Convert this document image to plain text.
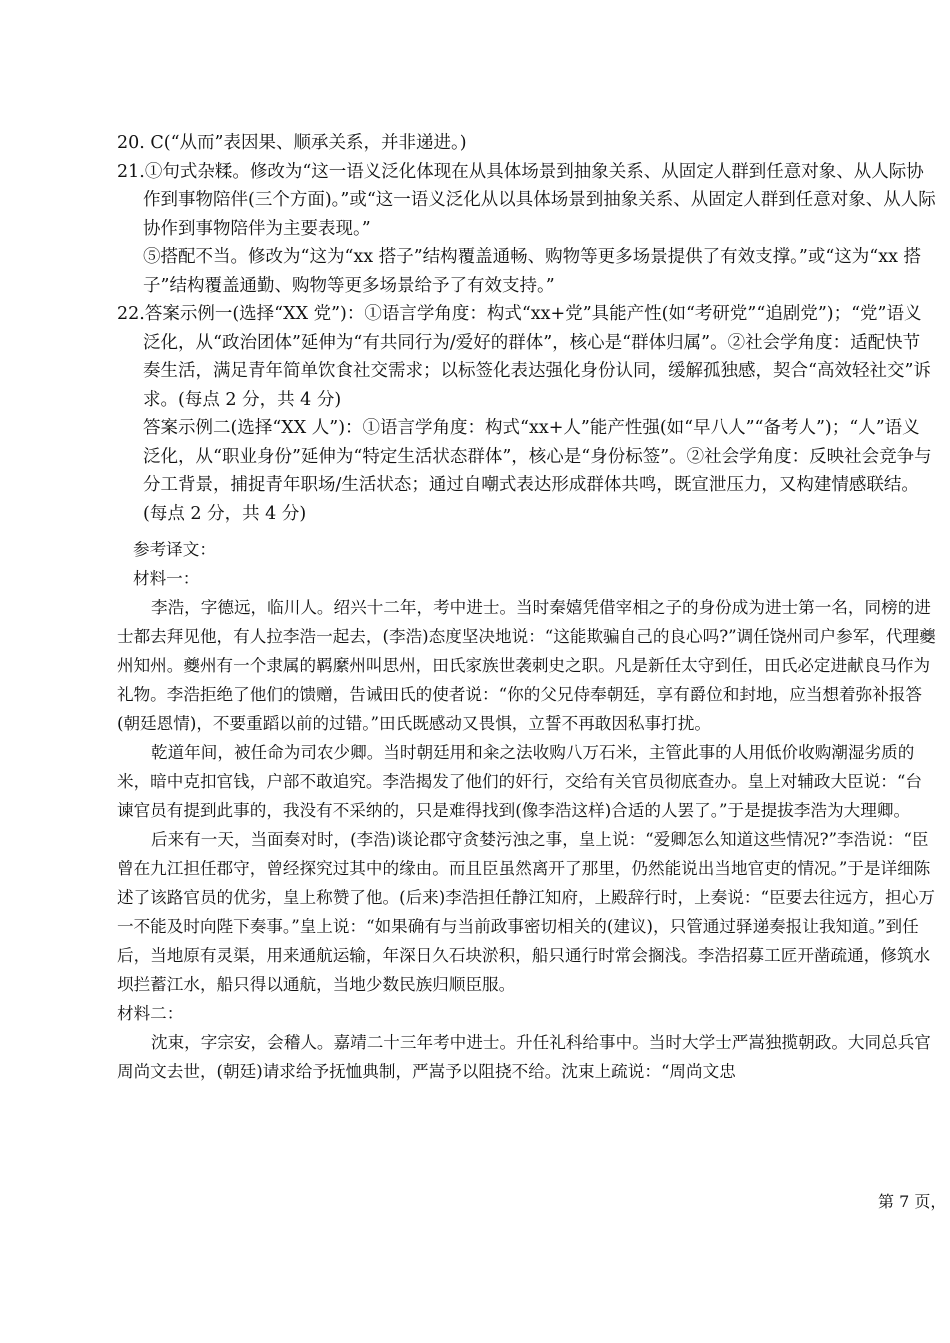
20. C(“从而”表因果、顺承关系，并非递进。)

21.①句式杂糅。修改为“这一语义泛化体现在从具体场景到抽象关系、从固定人群到任意对象、从人际协作到事物陪伴(三个方面)。”或“这一语义泛化从以具体场景到抽象关系、从固定人群到任意对象、从人际协作到事物陪伴为主要表现。”

⑤搭配不当。修改为“这为“xx 搭子”结构覆盖通畅、购物等更多场景提供了有效支撑。”或“这为“xx 搭子”结构覆盖通勤、购物等更多场景给予了有效支持。”

22.答案示例一(选择“XX 党”)：①语言学角度：构式“xx+党”具能产性(如“考研党”“追剧党”)；“党”语义泛化，从“政治团体”延伸为“有共同行为/爱好的群体”，核心是“群体归属”。②社会学角度：适配快节奏生活，满足青年简单饮食社交需求；以标签化表达强化身份认同，缓解孤独感，契合“高效轻社交”诉求。(每点 2 分，共 4 分)

答案示例二(选择“XX 人”)：①语言学角度：构式“xx+人”能产性强(如“早八人”“备考人”)；“人”语义泛化，从“职业身份”延伸为“特定生活状态群体”，核心是“身份标签”。②社会学角度：反映社会竞争与分工背景，捕捉青年职场/生活状态；通过自嘲式表达形成群体共鸣，既宣泄压力，又构建情感联结。(每点 2 分，共 4 分)

参考译文：

材料一：

李浩，字德远，临川人。绍兴十二年，考中进士。当时秦嬉凭借宰相之子的身份成为进士第一名，同榜的进士都去拜见他，有人拉李浩一起去，(李浩)态度坚决地说：“这能欺骗自己的良心吗?”调任饶州司户参军，代理夔州知州。夔州有一个隶属的羁縻州叫思州，田氏家族世袭刺史之职。凡是新任太守到任，田氏必定进献良马作为礼物。李浩拒绝了他们的馈赠，告诫田氏的使者说：“你的父兄侍奉朝廷，享有爵位和封地，应当想着弥补报答(朝廷恩情)，不要重蹈以前的过错。”田氏既感动又畏惧，立誓不再敢因私事打扰。

乾道年间，被任命为司农少卿。当时朝廷用和籴之法收购八万石米，主管此事的人用低价收购潮湿劣质的米，暗中克扣官钱，户部不敢追究。李浩揭发了他们的奸行，交给有关官员彻底查办。皇上对辅政大臣说：“台谏官员有提到此事的，我没有不采纳的，只是难得找到(像李浩这样)合适的人罢了。”于是提拔李浩为大理卿。

后来有一天，当面奏对时，(李浩)谈论郡守贪婪污浊之事，皇上说：“爱卿怎么知道这些情况?”李浩说：“臣曾在九江担任郡守，曾经探究过其中的缘由。而且臣虽然离开了那里，仍然能说出当地官吏的情况。”于是详细陈述了该路官员的优劣，皇上称赞了他。(后来)李浩担任静江知府，上殿辞行时，上奏说：“臣要去往远方，担心万一不能及时向陛下奏事。”皇上说：“如果确有与当前政事密切相关的(建议)，只管通过驿递奏报让我知道。”到任后，当地原有灵渠，用来通航运输，年深日久石块淤积，船只通行时常会搁浅。李浩招募工匠开凿疏通，修筑水坝拦蓄江水，船只得以通航，当地少数民族归顺臣服。

材料二：

沈束，字宗安，会稽人。嘉靖二十三年考中进士。升任礼科给事中。当时大学士严嵩独揽朝政。大同总兵官周尚文去世，(朝廷)请求给予抚恤典制，严嵩予以阻挠不给。沈束上疏说：“周尚文忠

第 7 页，
